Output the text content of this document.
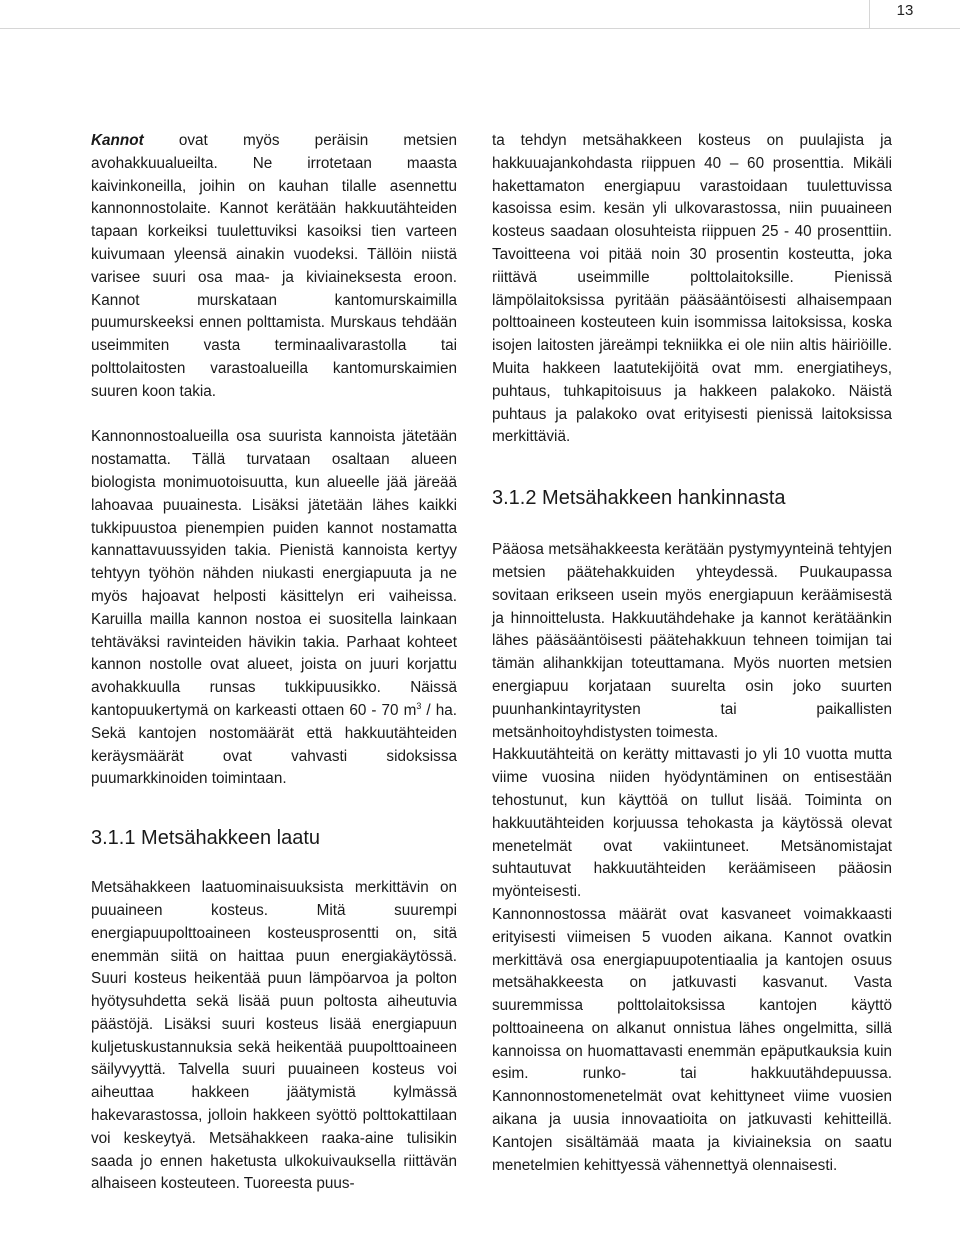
13

Kannot ovat myös peräisin metsien avohakkuualueilta. Ne irrotetaan maasta kaivinkoneilla, joihin on kauhan tilalle asennettu kannonnostolaite. Kannot kerätään hakkuutähteiden tapaan korkeiksi tuulettuviksi kasoiksi tien varteen kuivumaan yleensä ainakin vuodeksi. Tällöin niistä varisee suuri osa maa- ja kiviaineksesta eroon. Kannot murskataan kantomurskaimilla puumurskeeksi ennen polttamista. Murskaus tehdään useimmiten vasta terminaalivarastolla tai polttolaitosten varastoalueilla kantomurskaimien suuren koon takia.

Kannonnostoalueilla osa suurista kannoista jätetään nostamatta. Tällä turvataan osaltaan alueen biologista monimuotoisuutta, kun alueelle jää järeää lahoavaa puuainesta. Lisäksi jätetään lähes kaikki tukkipuustoa pienempien puiden kannot nostamatta kannattavuussyiden takia. Pienistä kannoista kertyy tehtyyn työhön nähden niukasti energiapuuta ja ne myös hajoavat helposti käsittelyn eri vaiheissa. Karuilla mailla kannon nostoa ei suositella lainkaan tehtäväksi ravinteiden hävikin takia. Parhaat kohteet kannon nostolle ovat alueet, joista on juuri korjattu avohakkuulla runsas tukkipuusikko. Näissä kantopuukertymä on karkeasti ottaen 60 - 70 $m^3$ / ha. Sekä kantojen nostomäärät että hakkuutähteiden keräysmäärät ovat vahvasti sidoksissa puumarkkinoiden toimintaan.

3.1.1 Metsähakkeen laatu

Metsähakkeen laatuominaisuuksista merkittävin on puuaineen kosteus. Mitä suurempi energiapuupolttoaineen kosteusprosentti on, sitä enemmän siitä on haittaa puun energiakäytössä. Suuri kosteus heikentää puun lämpöarvoa ja polton hyötysuhdetta sekä lisää puun poltosta aiheutuvia päästöjä. Lisäksi suuri kosteus lisää energiapuun kuljetuskustannuksia sekä heikentää puupolttoaineen säilyvyyttä. Talvella suuri puuaineen kosteus voi aiheuttaa hakkeen jäätymistä kylmässä hakevarastossa, jolloin hakkeen syöttö polttokattilaan voi keskeytyä. Metsähakkeen raaka-aine tulisikin saada jo ennen haketusta ulkokuivauksella riittävän alhaiseen kosteuteen. Tuoreesta puus-

ta tehdyn metsähakkeen kosteus on puulajista ja hakkuuajankohdasta riippuen 40 – 60 prosenttia. Mikäli hakettamaton energiapuu varastoidaan tuulettuvissa kasoissa esim. kesän yli ulkovarastossa, niin puuaineen kosteus saadaan olosuhteista riippuen 25 - 40 prosenttiin. Tavoitteena voi pitää noin 30 prosentin kosteutta, joka riittävä useimmille polttolaitoksille. Pienissä lämpölaitoksissa pyritään pääsääntöisesti alhaisempaan polttoaineen kosteuteen kuin isommissa laitoksissa, koska isojen laitosten järeämpi tekniikka ei ole niin altis häiriöille. Muita hakkeen laatutekijöitä ovat mm. energiatiheys, puhtaus, tuhkapitoisuus ja hakkeen palakoko. Näistä puhtaus ja palakoko ovat erityisesti pienissä laitoksissa merkittäviä.

3.1.2 Metsähakkeen hankinnasta

Pääosa metsähakkeesta kerätään pystymyynteinä tehtyjen metsien päätehakkuiden yhteydessä. Puukaupassa sovitaan erikseen usein myös energiapuun keräämisestä ja hinnoittelusta. Hakkuutähdehake ja kannot kerätäänkin lähes pääsääntöisesti päätehakkuun tehneen toimijan tai tämän alihankkijan toteuttamana. Myös nuorten metsien energiapuu korjataan suurelta osin joko suurten puunhankintayritysten tai paikallisten metsänhoitoyhdistysten toimesta.

Hakkuutähteitä on kerätty mittavasti jo yli 10 vuotta mutta viime vuosina niiden hyödyntäminen on entisestään tehostunut, kun käyttöä on tullut lisää. Toiminta on hakkuutähteiden korjuussa tehokasta ja käytössä olevat menetelmät ovat vakiintuneet. Metsänomistajat suhtautuvat hakkuutähteiden keräämiseen pääosin myönteisesti.

Kannonnostossa määrät ovat kasvaneet voimakkaasti erityisesti viimeisen 5 vuoden aikana. Kannot ovatkin merkittävä osa energiapuupotentiaalia ja kantojen osuus metsähakkeesta on jatkuvasti kasvanut. Vasta suuremmissa polttolaitoksissa kantojen käyttö polttoaineena on alkanut onnistua lähes ongelmitta, sillä kannoissa on huomattavasti enemmän epäputkauksia kuin esim. runko- tai hakkuutähdepuussa. Kannonnostomenetelmät ovat kehittyneet viime vuosien aikana ja uusia innovaatioita on jatkuvasti kehitteillä. Kantojen sisältämää maata ja kiviaineksia on saatu menetelmien kehittyessä vähennettyä olennaisesti.
